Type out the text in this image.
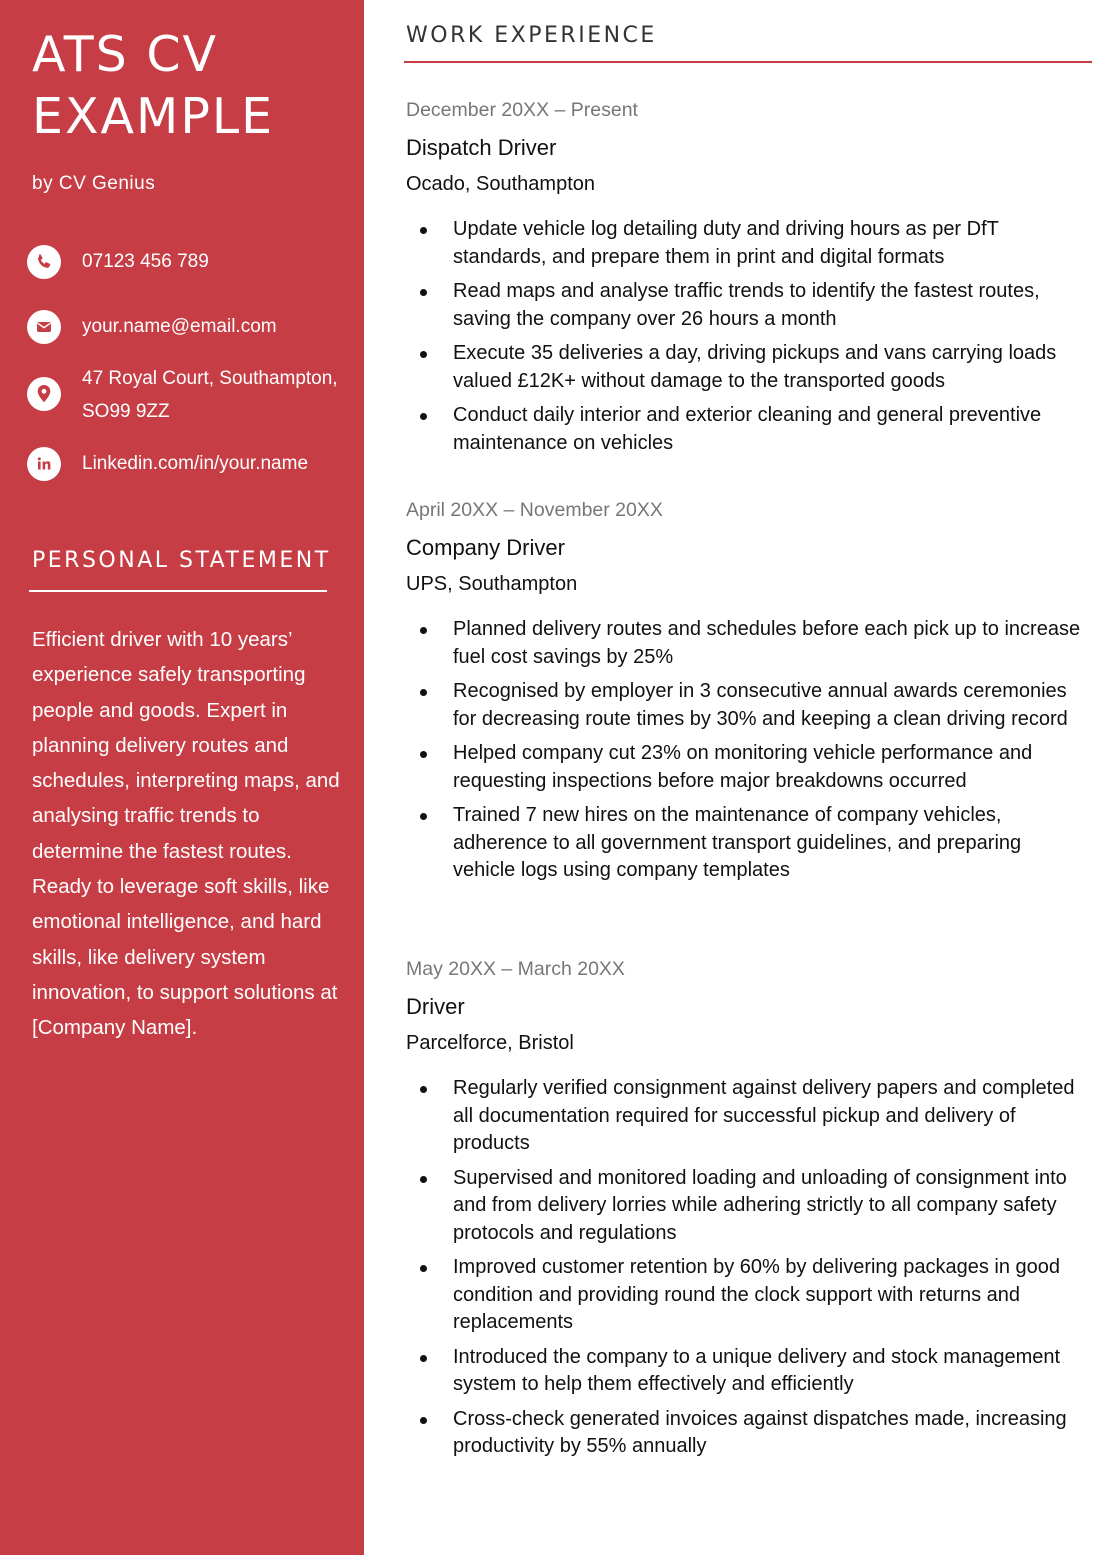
ATS CV
EXAMPLE
by CV Genius
07123 456 789
your.name@email.com
47 Royal Court, Southampton,
SO99 9ZZ
Linkedin.com/in/your.name
PERSONAL STATEMENT

Efficient driver with 10 years’ experience safely transporting people and goods. Expert in planning delivery routes and schedules, interpreting maps, and analysing traffic trends to determine the fastest routes. Ready to leverage soft skills, like emotional intelligence, and hard skills, like delivery system innovation, to support solutions at [Company Name].

WORK EXPERIENCE
December 20XX – Present
Dispatch Driver
Ocado, Southampton
Update vehicle log detailing duty and driving hours as per DfT standards, and prepare them in print and digital formats
Read maps and analyse traffic trends to identify the fastest routes, saving the company over 26 hours a month
Execute 35 deliveries a day, driving pickups and vans carrying loads valued £12K+ without damage to the transported goods
Conduct daily interior and exterior cleaning and general preventive maintenance on vehicles
April 20XX – November 20XX
Company Driver
UPS, Southampton
Planned delivery routes and schedules before each pick up to increase fuel cost savings by 25%
Recognised by employer in 3 consecutive annual awards ceremonies for decreasing route times by 30% and keeping a clean driving record
Helped company cut 23% on monitoring vehicle performance and requesting inspections before major breakdowns occurred
Trained 7 new hires on the maintenance of company vehicles, adherence to all government transport guidelines, and preparing vehicle logs using company templates
May 20XX – March 20XX
Driver
Parcelforce, Bristol
Regularly verified consignment against delivery papers and completed all documentation required for successful pickup and delivery of products
Supervised and monitored loading and unloading of consignment into and from delivery lorries while adhering strictly to all company safety protocols and regulations
Improved customer retention by 60% by delivering packages in good condition and providing round the clock support with returns and replacements
Introduced the company to a unique delivery and stock management system to help them effectively and efficiently
Cross-check generated invoices against dispatches made, increasing productivity by 55% annually
